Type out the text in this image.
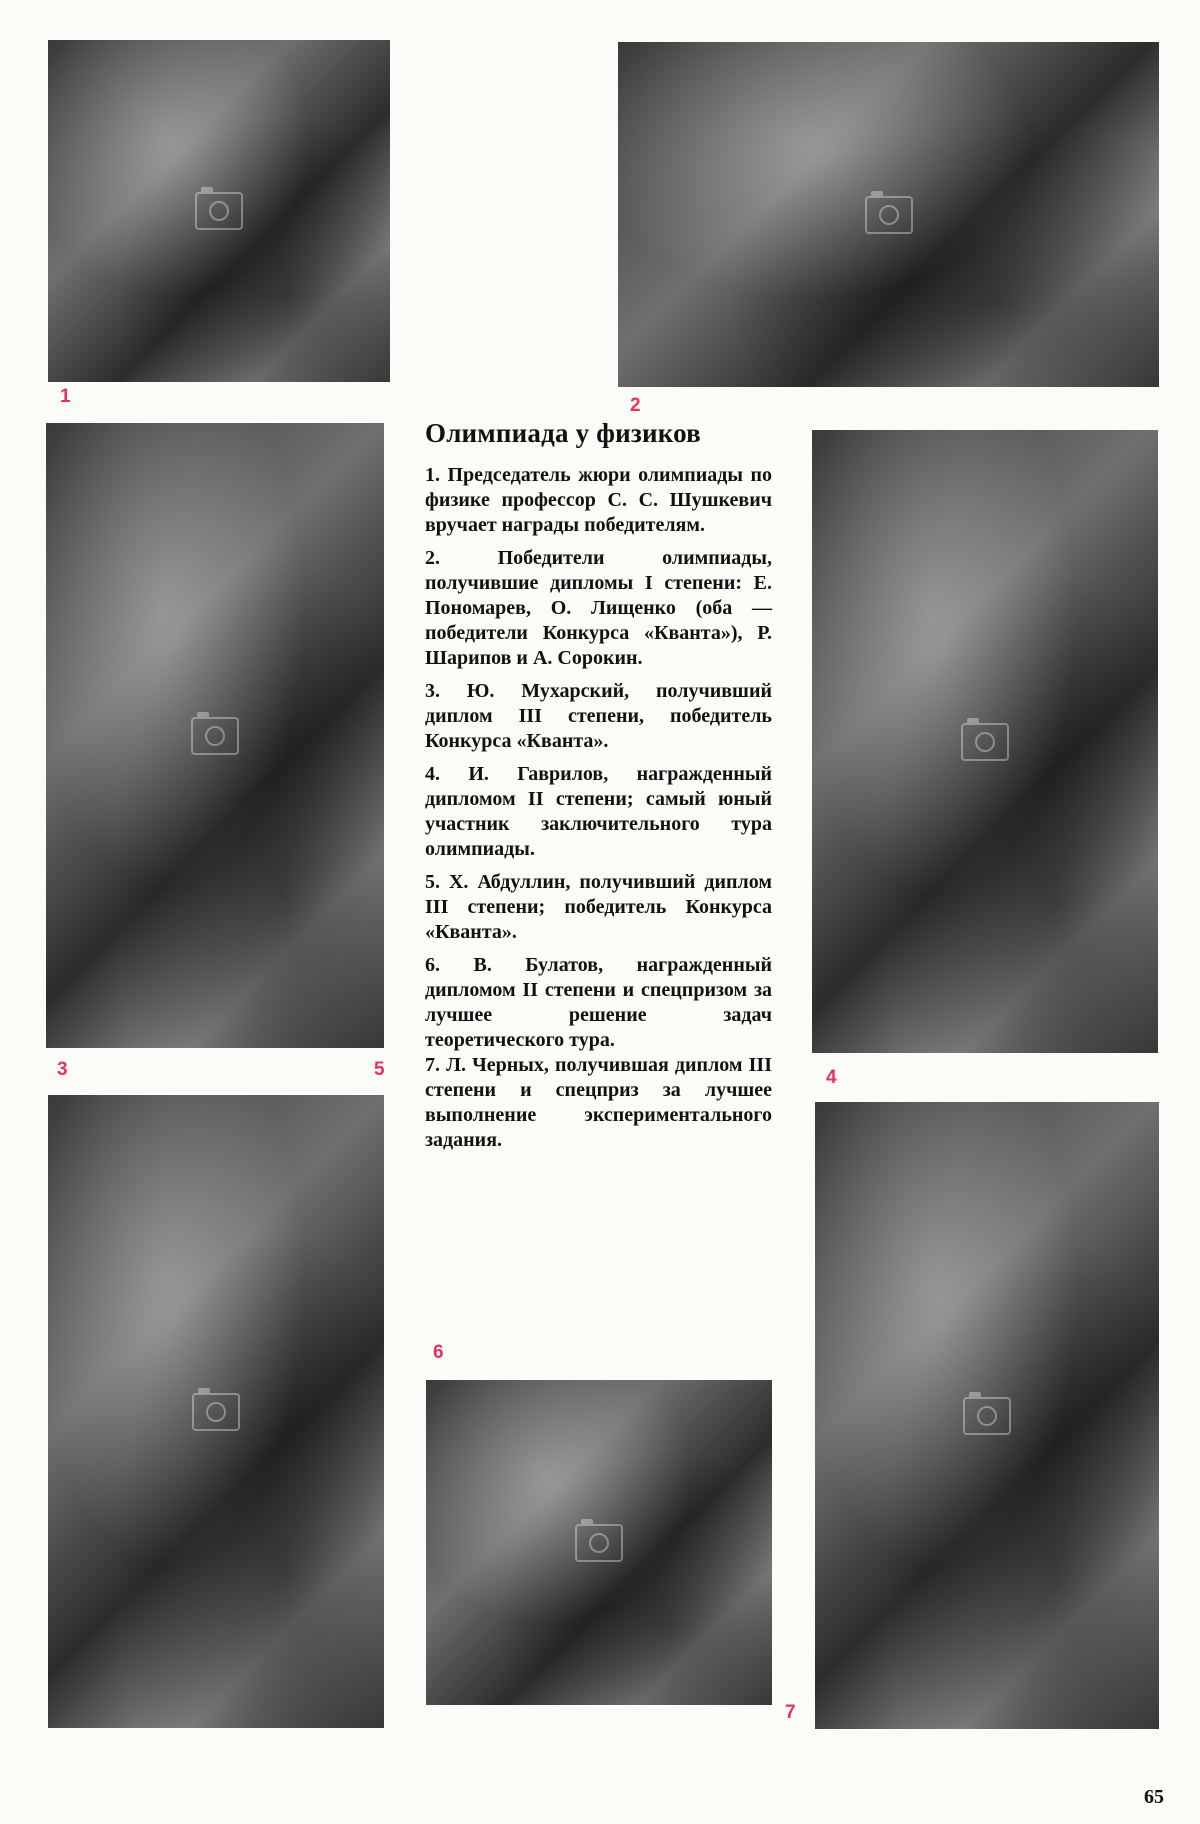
1	2
3	5	4
6
7
Олимпиада у физиков

1. Председатель жюри олимпиады по физике профессор С. С. Шушкевич вручает награды победителям.

2. Победители олимпиады, получившие дипломы I степени: Е. Пономарев, О. Лищенко (оба — победители Конкурса «Кванта»), Р. Шарипов и А. Сорокин.

3. Ю. Мухарский, получивший диплом III степени, победитель Конкурса «Кванта».

4. И. Гаврилов, награжденный дипломом II степени; самый юный участник заключительного тура олимпиады.

5. Х. Абдуллин, получивший диплом III степени; победитель Конкурса «Кванта».

6. В. Булатов, награжденный дипломом II степени и спецпризом за лучшее решение задач теоретического тура.

7. Л. Черных, получившая диплом III степени и спецприз за лучшее выполнение экспериментального задания.

65
